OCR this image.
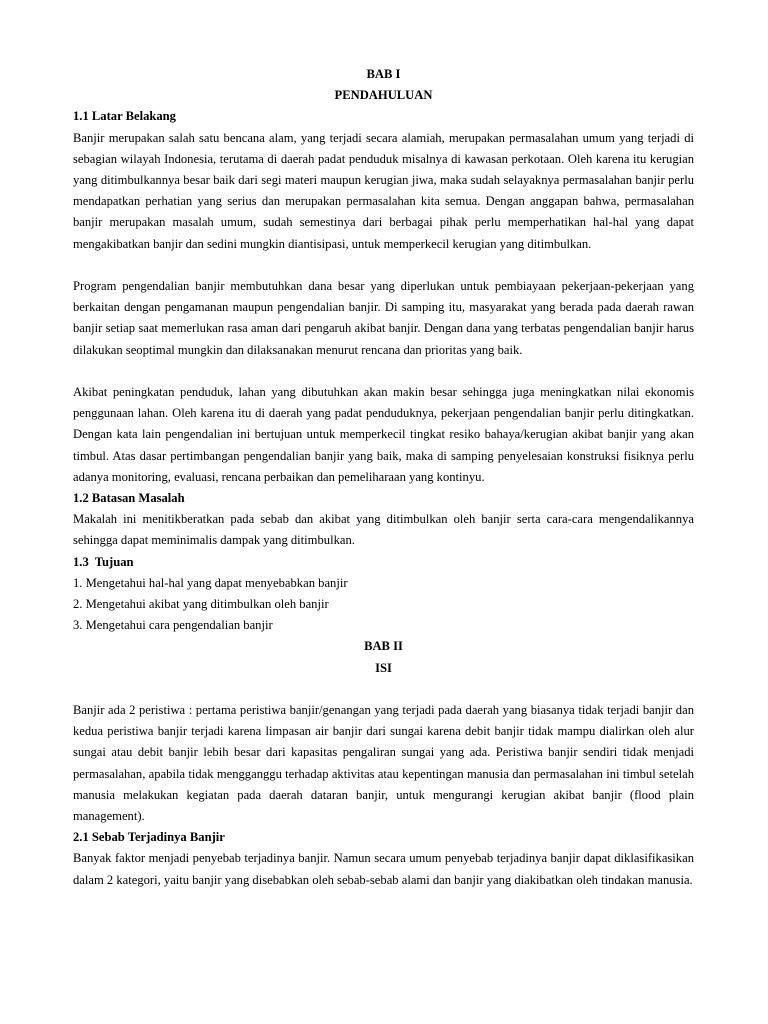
BAB I
PENDAHULUAN
1.1 Latar Belakang

Banjir merupakan salah satu bencana alam, yang terjadi secara alamiah, merupakan permasalahan umum yang terjadi di sebagian wilayah Indonesia, terutama di daerah padat penduduk misalnya di kawasan perkotaan. Oleh karena itu kerugian yang ditimbulkannya besar baik dari segi materi maupun kerugian jiwa, maka sudah selayaknya permasalahan banjir perlu mendapatkan perhatian yang serius dan merupakan permasalahan kita semua. Dengan anggapan bahwa, permasalahan banjir merupakan masalah umum, sudah semestinya dari berbagai pihak perlu memperhatikan hal-hal yang dapat mengakibatkan banjir dan sedini mungkin diantisipasi, untuk memperkecil kerugian yang ditimbulkan.

Program pengendalian banjir membutuhkan dana besar yang diperlukan untuk pembiayaan pekerjaan-pekerjaan yang berkaitan dengan pengamanan maupun pengendalian banjir. Di samping itu, masyarakat yang berada pada daerah rawan banjir setiap saat memerlukan rasa aman dari pengaruh akibat banjir. Dengan dana yang terbatas pengendalian banjir harus dilakukan seoptimal mungkin dan dilaksanakan menurut rencana dan prioritas yang baik.

Akibat peningkatan penduduk, lahan yang dibutuhkan akan makin besar sehingga juga meningkatkan nilai ekonomis penggunaan lahan. Oleh karena itu di daerah yang padat penduduknya, pekerjaan pengendalian banjir perlu ditingkatkan. Dengan kata lain pengendalian ini bertujuan untuk memperkecil tingkat resiko bahaya/kerugian akibat banjir yang akan timbul. Atas dasar pertimbangan pengendalian banjir yang baik, maka di samping penyelesaian konstruksi fisiknya perlu adanya monitoring, evaluasi, rencana perbaikan dan pemeliharaan yang kontinyu.

1.2 Batasan Masalah

Makalah ini menitikberatkan pada sebab dan akibat yang ditimbulkan oleh banjir serta cara-cara mengendalikannya sehingga dapat meminimalis dampak yang ditimbulkan.

1.3  Tujuan

1. Mengetahui hal-hal yang dapat menyebabkan banjir

2. Mengetahui akibat yang ditimbulkan oleh banjir

3. Mengetahui cara pengendalian banjir

BAB II
ISI

Banjir ada 2 peristiwa : pertama peristiwa banjir/genangan yang terjadi pada daerah yang biasanya tidak terjadi banjir dan kedua peristiwa banjir terjadi karena limpasan air banjir dari sungai karena debit banjir tidak mampu dialirkan oleh alur sungai atau debit banjir lebih besar dari kapasitas pengaliran sungai yang ada. Peristiwa banjir sendiri tidak menjadi permasalahan, apabila tidak mengganggu terhadap aktivitas atau kepentingan manusia dan permasalahan ini timbul setelah manusia melakukan kegiatan pada daerah dataran banjir, untuk mengurangi kerugian akibat banjir (flood plain management).

2.1 Sebab Terjadinya Banjir

Banyak faktor menjadi penyebab terjadinya banjir. Namun secara umum penyebab terjadinya banjir dapat diklasifikasikan dalam 2 kategori, yaitu banjir yang disebabkan oleh sebab-sebab alami dan banjir yang diakibatkan oleh tindakan manusia.
